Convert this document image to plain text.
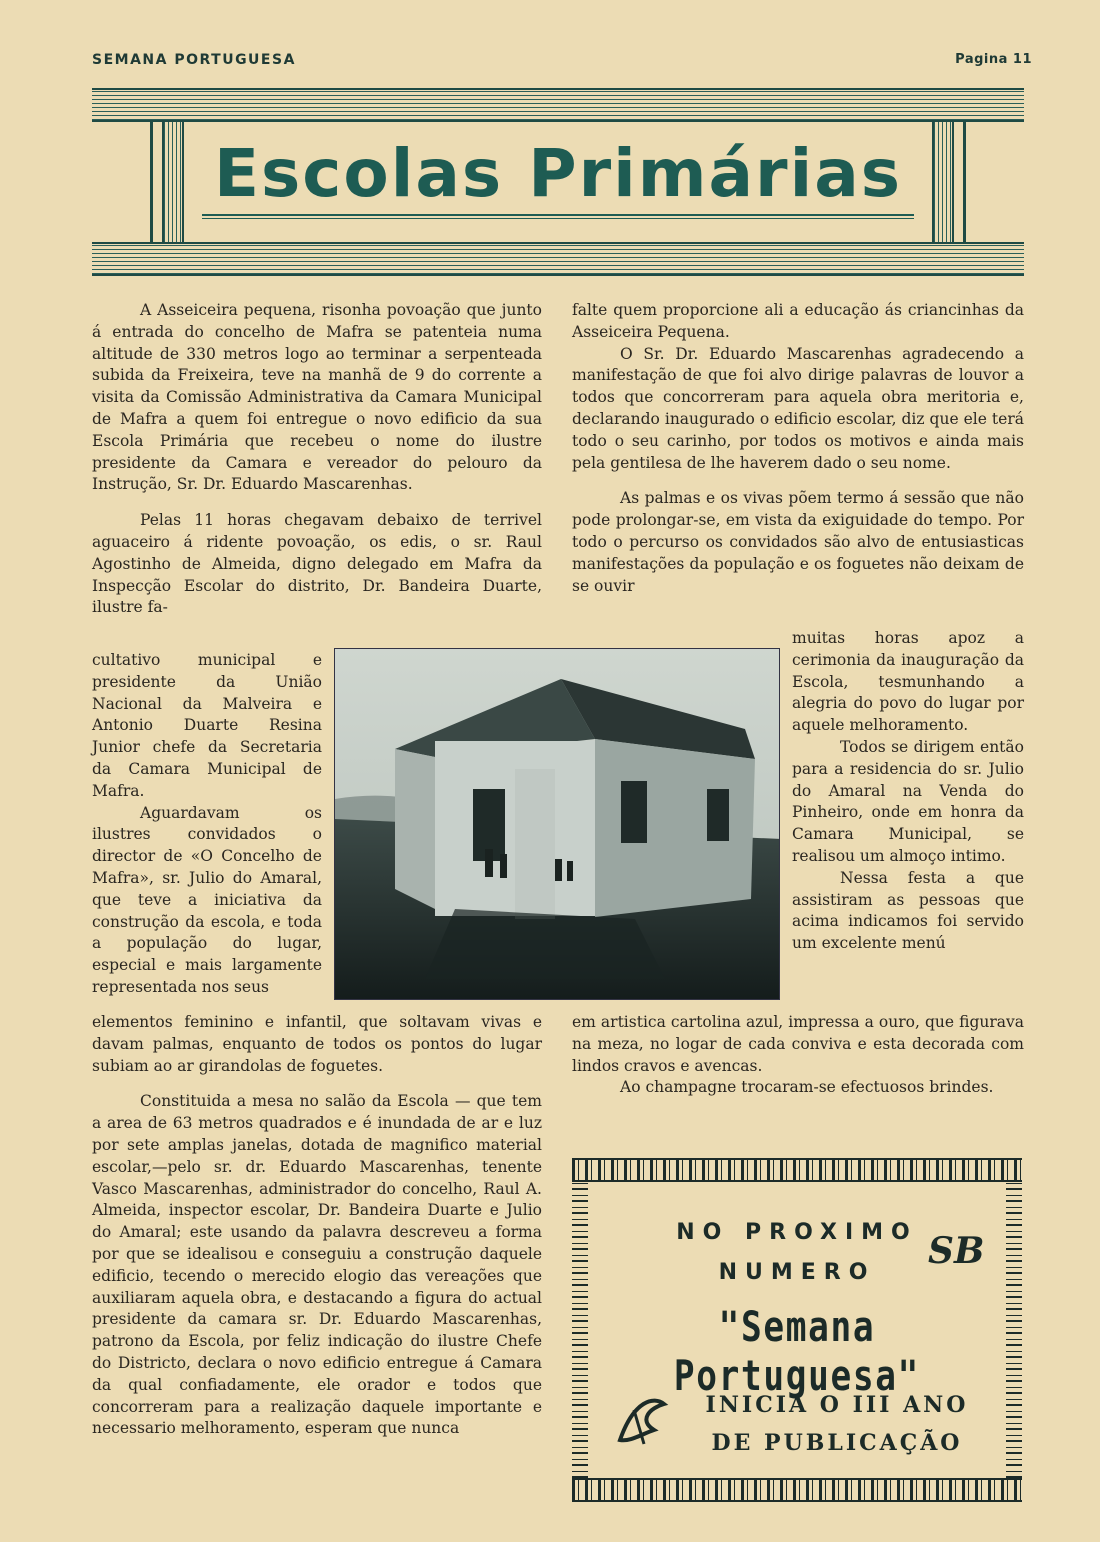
SEMANA PORTUGUESA	Pagina 11
Escolas Primárias

A Asseiceira pequena, risonha povoação que junto á entrada do concelho de Mafra se patenteia numa altitude de 330 metros logo ao terminar a serpenteada subida da Freixeira, teve na manhã de 9 do corrente a visita da Comissão Administrativa da Camara Municipal de Mafra a quem foi entregue o novo edificio da sua Escola Primária que recebeu o nome do ilustre presidente da Camara e vereador do pelouro da Instrução, Sr. Dr. Eduardo Mascarenhas.

Pelas 11 horas chegavam debaixo de terrivel aguaceiro á ridente povoação, os edis, o sr. Raul Agostinho de Almeida, digno delegado em Mafra da Inspecção Escolar do distrito, Dr. Bandeira Duarte, ilustre fa-

cultativo municipal e presidente da União Nacional da Malveira e Antonio Duarte Resina Junior chefe da Secretaria da Camara Municipal de Mafra.

Aguardavam os ilustres convidados o director de «O Concelho de Mafra», sr. Julio do Amaral, que teve a iniciativa da construção da escola, e toda a população do lugar, especial e mais largamente representada nos seus

elementos feminino e infantil, que soltavam vivas e davam palmas, enquanto de todos os pontos do lugar subiam ao ar girandolas de foguetes.

Constituida a mesa no salão da Escola — que tem a area de 63 metros quadrados e é inundada de ar e luz por sete amplas janelas, dotada de magnifico material escolar,—pelo sr. dr. Eduardo Mascarenhas, tenente Vasco Mascarenhas, administrador do concelho, Raul A. Almeida, inspector escolar, Dr. Bandeira Duarte e Julio do Amaral; este usando da palavra descreveu a forma por que se idealisou e conseguiu a construção daquele edificio, tecendo o merecido elogio das vereações que auxiliaram aquela obra, e destacando a figura do actual presidente da camara sr. Dr. Eduardo Mascarenhas, patrono da Escola, por feliz indicação do ilustre Chefe do Districto, declara o novo edificio entregue á Camara da qual confiadamente, ele orador e todos que concorreram para a realização daquele importante e necessario melhoramento, esperam que nunca

falte quem proporcione ali a educação ás criancinhas da Asseiceira Pequena.

O Sr. Dr. Eduardo Mascarenhas agradecendo a manifestação de que foi alvo dirige palavras de louvor a todos que concorreram para aquela obra meritoria e, declarando inaugurado o edificio escolar, diz que ele terá todo o seu carinho, por todos os motivos e ainda mais pela gentilesa de lhe haverem dado o seu nome.

As palmas e os vivas põem termo á sessão que não pode prolongar-se, em vista da exiguidade do tempo. Por todo o percurso os convidados são alvo de entusiasticas manifestações da população e os foguetes não deixam de se ouvir

muitas horas apoz a cerimonia da inauguração da Escola, tesmunhando a alegria do povo do lugar por aquele melhoramento.

Todos se dirigem então para a residencia do sr. Julio do Amaral na Venda do Pinheiro, onde em honra da Camara Municipal, se realisou um almoço intimo.

Nessa festa a que assistiram as pessoas que acima indicamos foi servido um excelente menú

em artistica cartolina azul, impressa a ouro, que figurava na meza, no logar de cada conviva e esta decorada com lindos cravos e avencas.

Ao champagne trocaram-se efectuosos brindes.

NO PROXIMO
NUMERO
"Semana Portuguesa"
INICIA O III ANO
DE PUBLICAÇÃO
SB
